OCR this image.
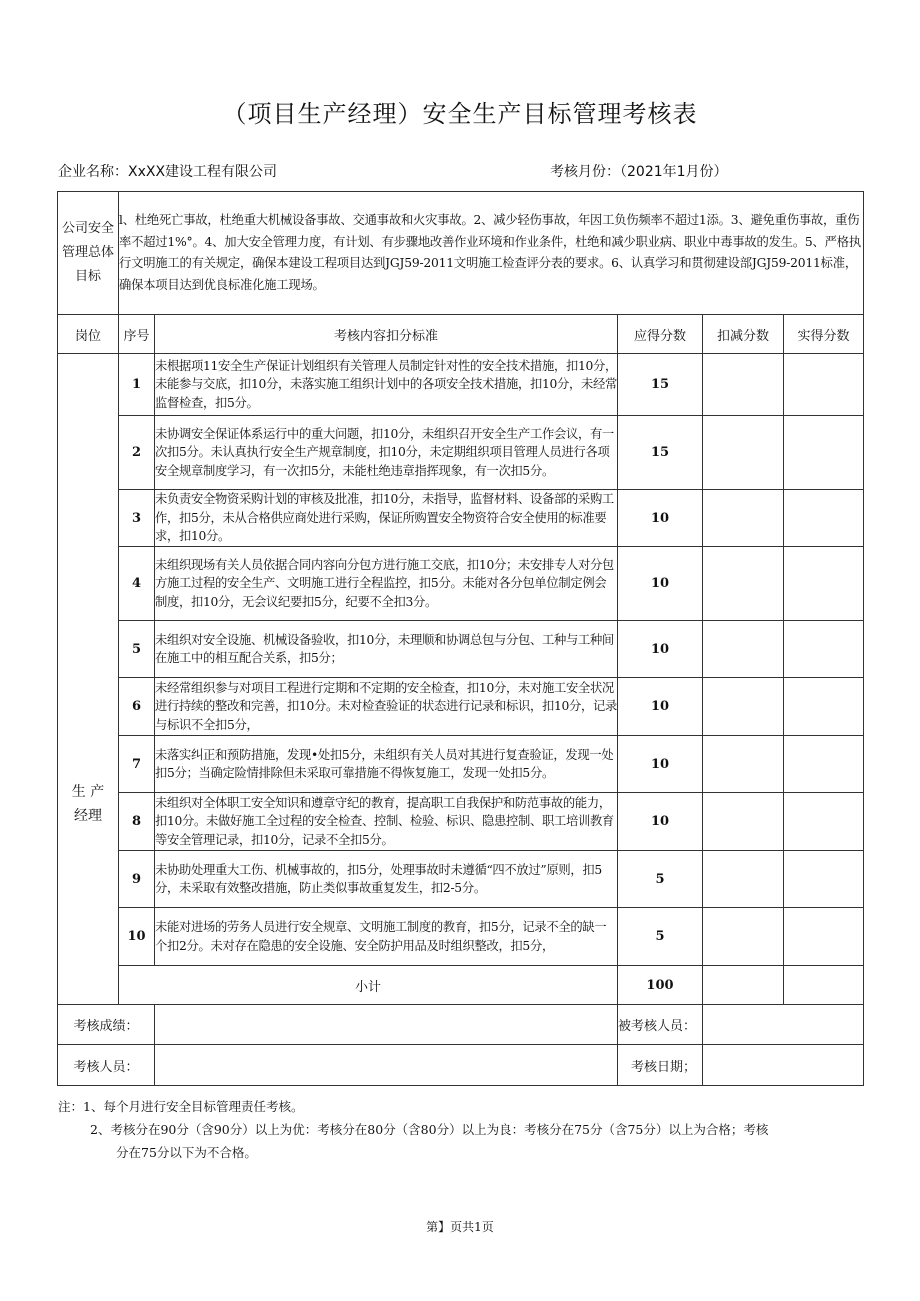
（项目生产经理）安全生产目标管理考核表
企业名称：XxXX建设工程有限公司	考核月份：（2021年1月份）
公司安全管理总体目标	l、杜绝死亡事故，杜绝重大机械设备事故、交通事故和火灾事故。2、减少轻伤事故，年因工负伤频率不超过1添。3、避免重伤事故，重伤率不超过1%°。4、加大安全管理力度，有计划、有步骤地改善作业环境和作业条件，杜绝和减少职业病、职业中毒事故的发生。5、严格执行文明施工的有关规定，确保本建设工程项目达到JGJ59-2011文明施工检查评分表的要求。6、认真学习和贯彻建设部JGJ59-2011标准，确保本项目达到优良标准化施工现场。				
岗位	序号	考核内容扣分标准	应得分数	扣减分数	实得分数

生 产
经理	1	未根据项11安全生产保证计划组织有关管理人员制定针对性的安全技术措施，扣10分，未能参与交底，扣10分，未落实施工组织计划中的各项安全技术措施，扣10分，未经常监督检查，扣5分。	15		
	2	未协调安全保证体系运行中的重大问题，扣10分，未组织召开安全生产工作会议，有一次扣5分。未认真执行安全生产规章制度，扣10分，未定期组织项目管理人员进行各项安全规章制度学习，有一次扣5分，未能杜绝违章指挥现象，有一次扣5分。	15		
	3	未负责安全物资采购计划的审核及批准，扣10分，未指导，监督材料、设备部的采购工作，扣5分，未从合格供应商处进行采购，保证所购置安全物资符合安全使用的标准要求，扣10分。	10		
	4	未组织现场有关人员依据合同内容向分包方进行施工交底，扣10分；未安排专人对分包方施工过程的安全生产、文明施工进行全程监控，扣5分。未能对各分包单位制定例会制度，扣10分，无会议纪要扣5分，纪要不全扣3分。	10		
	5	未组织对安全设施、机械设备验收，扣10分，未理顺和协调总包与分包、工种与工种间在施工中的相互配合关系，扣5分；	10		
	6	未经常组织参与对项目工程进行定期和不定期的安全检查，扣10分，未对施工安全状况进行持续的整改和完善，扣10分。未对检查验证的状态进行记录和标识，扣10分，记录与标识不全扣5分，	10		
	7	未落实纠正和预防措施，发现•处扣5分，未组织有关人员对其进行复查验证，发现一处扣5分；当确定险情排除但未采取可靠措施不得恢复施工，发现一处扣5分。	10		
	8	未组织对全体职工安全知识和遵章守纪的教育，提高职工自我保护和防范事故的能力，扣10分。未做好施工全过程的安全检查、控制、检验、标识、隐患控制、职工培训教育等安全管理记录，扣10分，记录不全扣5分。	10		
	9	未协助处理重大工伤、机械事故的，扣5分，处理事故时未遵循“四不放过”原则，扣5分，未采取有效整改措施，防止类似事故重复发生，扣2-5分。	5		
	10	未能对进场的劳务人员进行安全规章、文明施工制度的教育，扣5分，记录不全的缺一个扣2分。未对存在隐患的安全设施、安全防护用品及时组织整改，扣5分，	5		
	小计		100		
考核成绩：			被考核人员：		
考核人员：			考核日期；		
注：1、每个月进行安全目标管理责任考核。
2、考核分在90分（含90分）以上为优：考核分在80分（含80分）以上为良：考核分在75分（含75分）以上为合格；考核
分在75分以下为不合格。
第】页共1页
